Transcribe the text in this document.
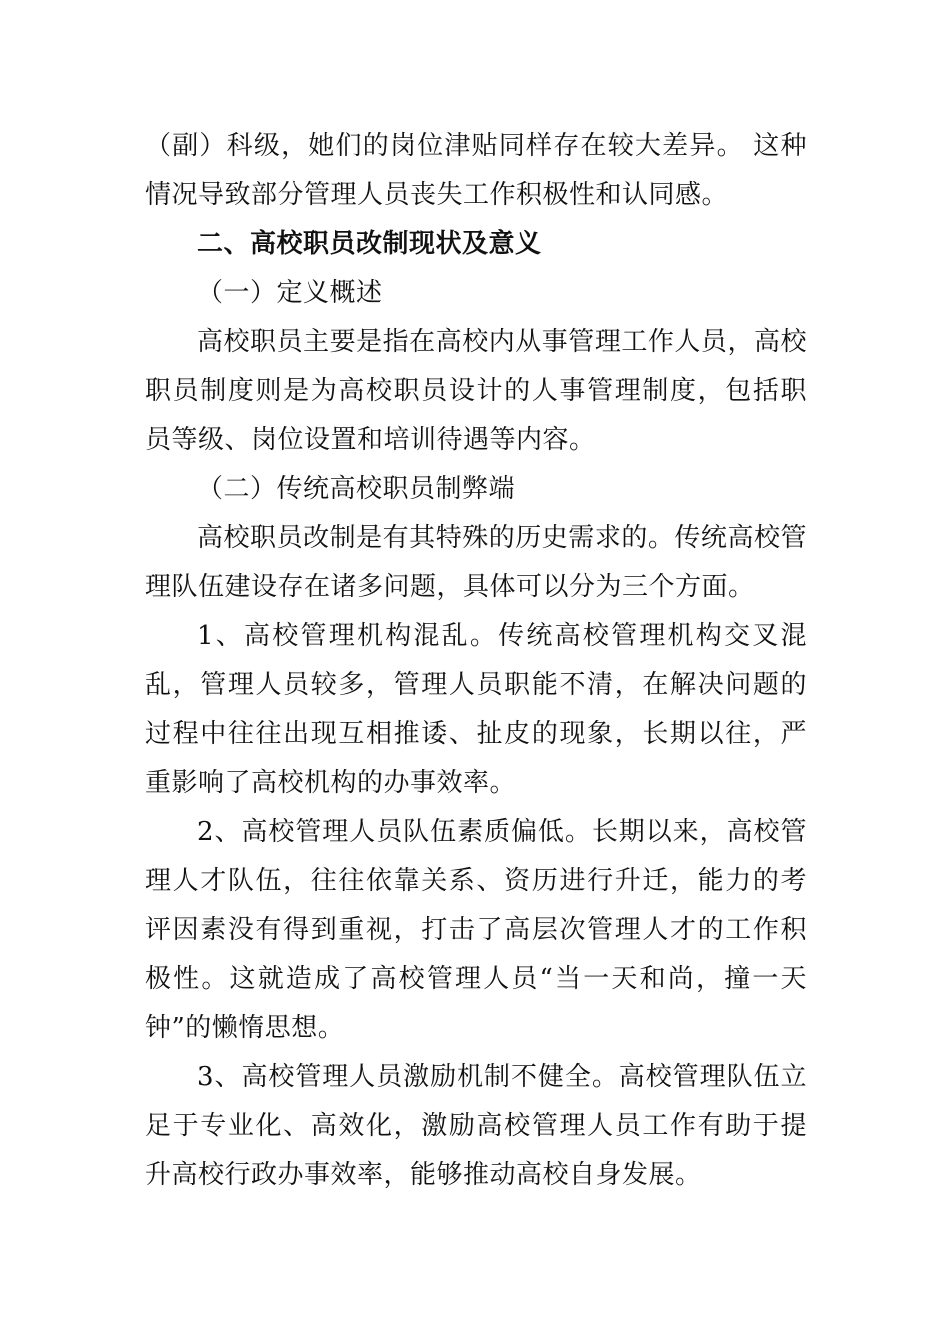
（副）科级，她们的岗位津贴同样存在较大差异。 这种情况导致部分管理人员丧失工作积极性和认同感。

二、高校职员改制现状及意义

（一）定义概述

高校职员主要是指在高校内从事管理工作人员，高校职员制度则是为高校职员设计的人事管理制度，包括职员等级、岗位设置和培训待遇等内容。

（二）传统高校职员制弊端

高校职员改制是有其特殊的历史需求的。传统高校管理队伍建设存在诸多问题，具体可以分为三个方面。

1、高校管理机构混乱。传统高校管理机构交叉混乱，管理人员较多，管理人员职能不清，在解决问题的过程中往往出现互相推诿、扯皮的现象，长期以往，严重影响了高校机构的办事效率。

2、高校管理人员队伍素质偏低。长期以来，高校管理人才队伍，往往依靠关系、资历进行升迁，能力的考评因素没有得到重视，打击了高层次管理人才的工作积极性。这就造成了高校管理人员“当一天和尚，撞一天钟”的懒惰思想。

3、高校管理人员激励机制不健全。高校管理队伍立足于专业化、高效化，激励高校管理人员工作有助于提升高校行政办事效率，能够推动高校自身发展。
